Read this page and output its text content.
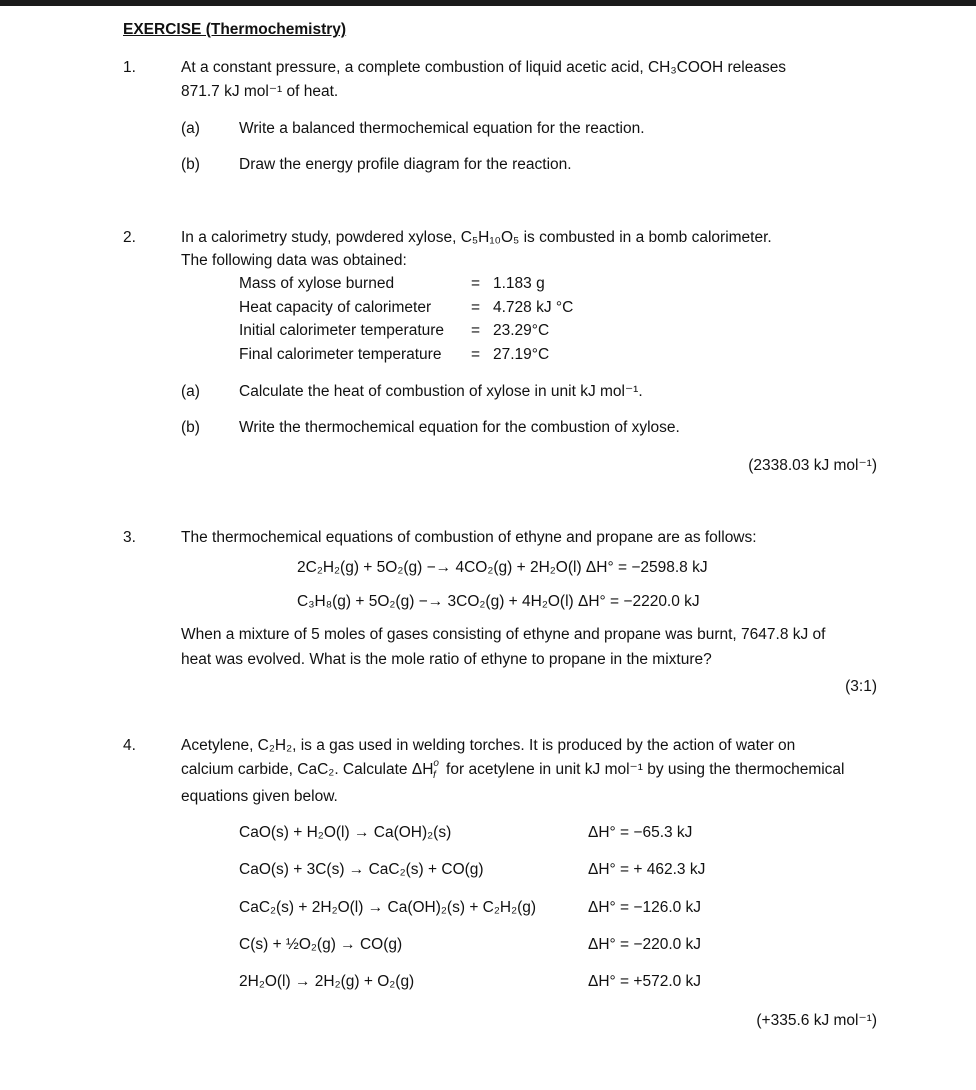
EXERCISE (Thermochemistry)
1.	At a constant pressure, a complete combustion of liquid acetic acid, CH₃COOH releases
871.7 kJ mol⁻¹ of heat.
(a)	Write a balanced thermochemical equation for the reaction.
(b)	Draw the energy profile diagram for the reaction.
2.	In a calorimetry study, powdered xylose, C₅H₁₀O₅ is combusted in a bomb calorimeter.
The following data was obtained:
Mass of xylose burned	= 1.183 g
Heat capacity of calorimeter	= 4.728 kJ °C
Initial calorimeter temperature = 23.29°C
Final calorimeter temperature = 27.19°C
(a)	Calculate the heat of combustion of xylose in unit kJ mol⁻¹.
(b)	Write the thermochemical equation for the combustion of xylose.
(2338.03 kJ mol⁻¹)
3.	The thermochemical equations of combustion of ethyne and propane are as follows:
2C₂H₂(g) + 5O₂(g) −→ 4CO₂(g) + 2H₂O(l) ΔH° = −2598.8 kJ
C₃H₈(g) + 5O₂(g) −→ 3CO₂(g) + 4H₂O(l) ΔH° = −2220.0 kJ
When a mixture of 5 moles of gases consisting of ethyne and propane was burnt, 7647.8 kJ of
heat was evolved. What is the mole ratio of ethyne to propane in the mixture?
(3:1)
4.	Acetylene, C₂H₂, is a gas used in welding torches. It is produced by the action of water on
calcium carbide, CaC₂. Calculate $\Delta H^o_f$ for acetylene in unit kJ mol⁻¹ by using the thermochemical
equations given below.
CaO(s) + H₂O(l) → Ca(OH)₂(s)	ΔH° = −65.3 kJ
CaO(s) + 3C(s) → CaC₂(s) + CO(g)	ΔH° = + 462.3 kJ
CaC₂(s) + 2H₂O(l) → Ca(OH)₂(s) + C₂H₂(g)	ΔH° = −126.0 kJ
C(s) + ½O₂(g) → CO(g)	ΔH° = −220.0 kJ
2H₂O(l) → 2H₂(g) + O₂(g)	ΔH° = +572.0 kJ
(+335.6 kJ mol⁻¹)
